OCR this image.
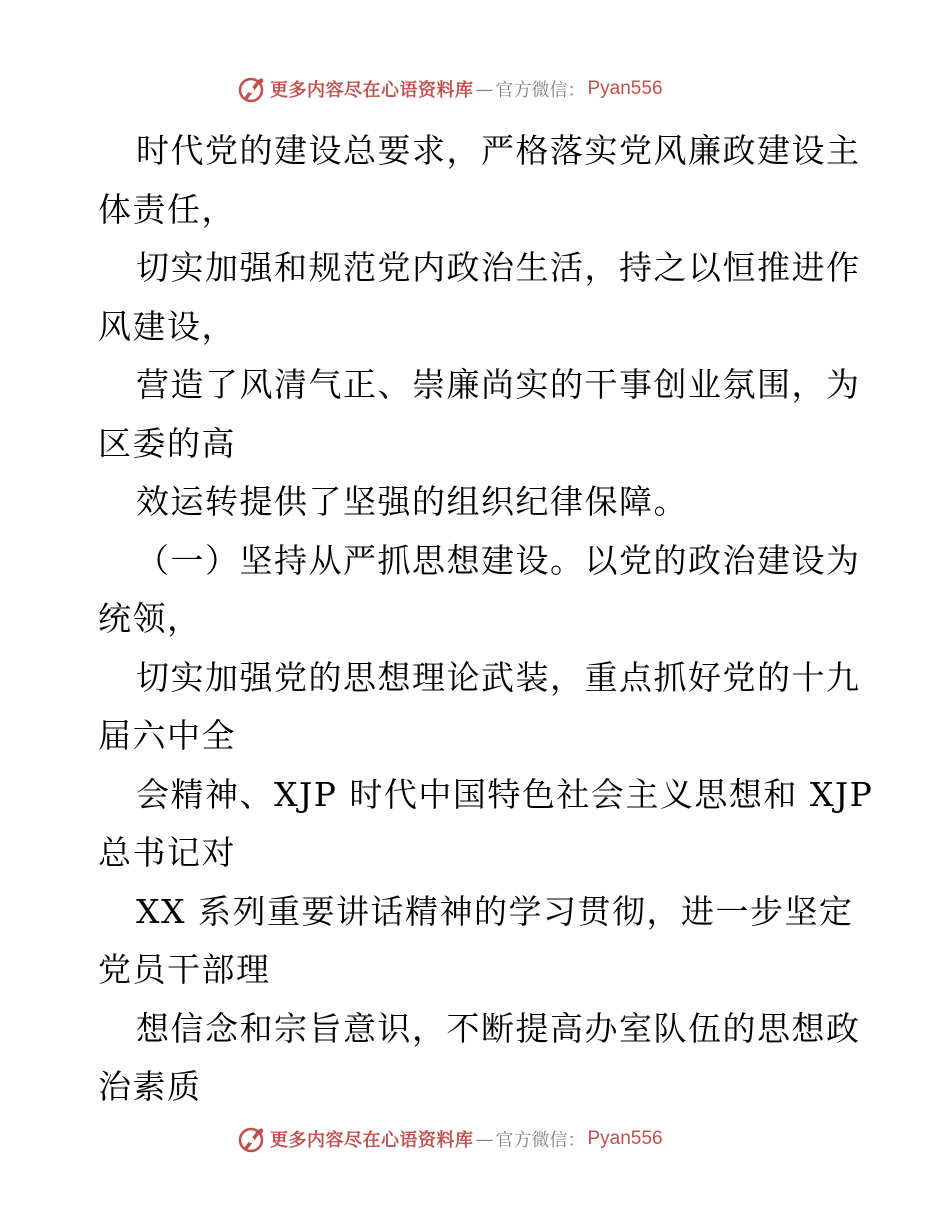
更多内容尽在心语资料库 — 官方微信： Pyan556
时代党的建设总要求，严格落实党风廉政建设主
体责任，
切实加强和规范党内政治生活，持之以恒推进作
风建设，
营造了风清气正、崇廉尚实的干事创业氛围，为
区委的高
效运转提供了坚强的组织纪律保障。
（一）坚持从严抓思想建设。以党的政治建设为
统领，
切实加强党的思想理论武装，重点抓好党的十九
届六中全
会精神、XJP 时代中国特色社会主义思想和 XJP
总书记对
XX 系列重要讲话精神的学习贯彻，进一步坚定
党员干部理
想信念和宗旨意识，不断提高办室队伍的思想政
治素质
更多内容尽在心语资料库 — 官方微信： Pyan556
